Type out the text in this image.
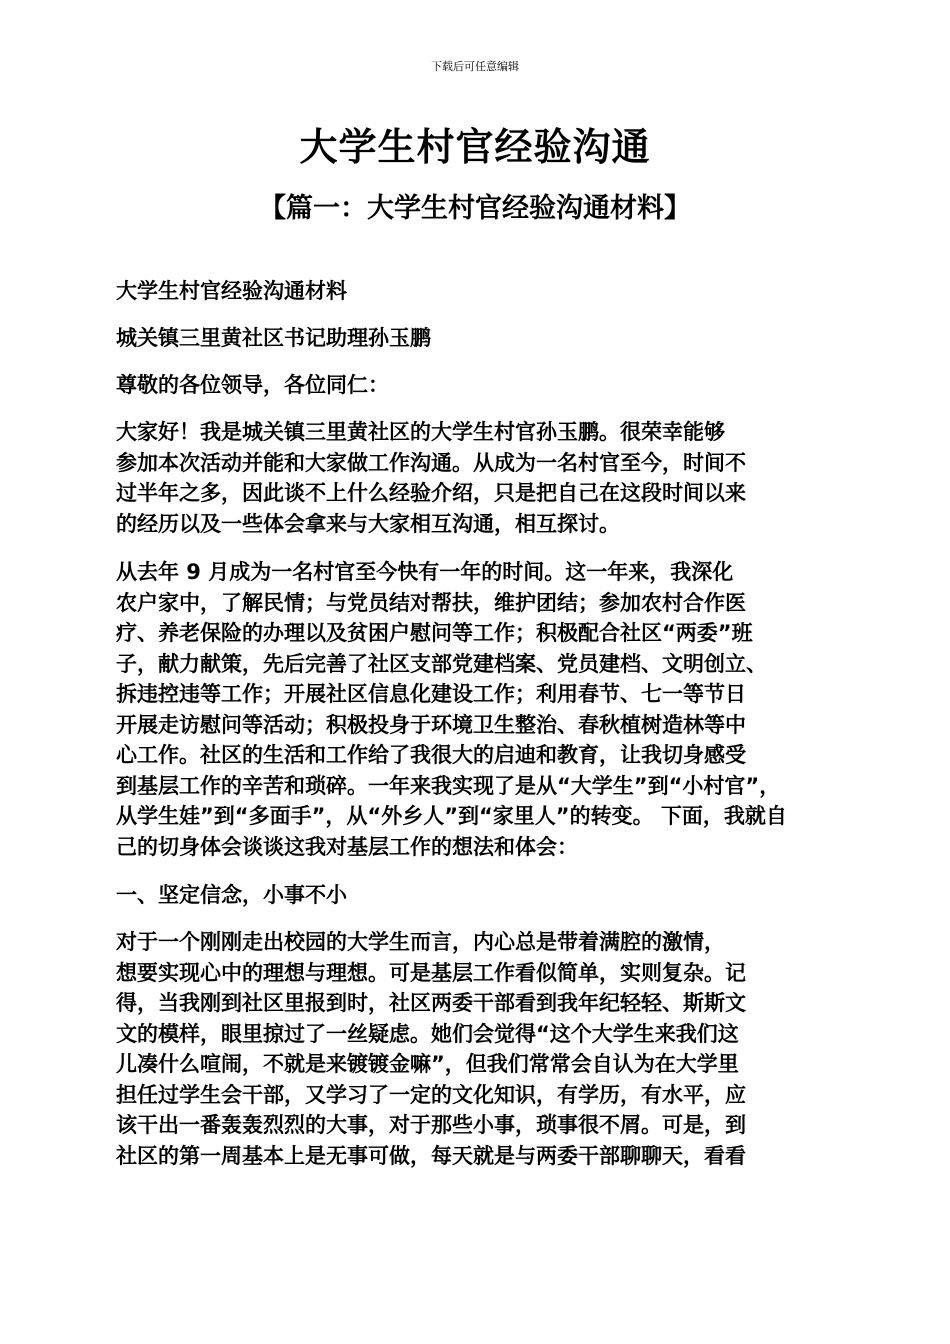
下载后可任意编辑
大学生村官经验沟通
【篇一：大学生村官经验沟通材料】
大学生村官经验沟通材料
城关镇三里黄社区书记助理孙玉鹏
尊敬的各位领导，各位同仁：
大家好！我是城关镇三里黄社区的大学生村官孙玉鹏。很荣幸能够
参加本次活动并能和大家做工作沟通。从成为一名村官至今，时间不
过半年之多，因此谈不上什么经验介绍，只是把自己在这段时间以来
的经历以及一些体会拿来与大家相互沟通，相互探讨。
从去年 9 月成为一名村官至今快有一年的时间。这一年来，我深化
农户家中，了解民情；与党员结对帮扶，维护团结；参加农村合作医
疗、养老保险的办理以及贫困户慰问等工作；积极配合社区“两委”班
子，献力献策，先后完善了社区支部党建档案、党员建档、文明创立、
拆违控违等工作；开展社区信息化建设工作；利用春节、七一等节日
开展走访慰问等活动；积极投身于环境卫生整治、春秋植树造林等中
心工作。社区的生活和工作给了我很大的启迪和教育，让我切身感受
到基层工作的辛苦和琐碎。一年来我实现了是从“大学生”到“小村官”，
从学生娃”到“多面手”，从“外乡人”到“家里人”的转变。 下面，我就自
己的切身体会谈谈这我对基层工作的想法和体会：
一、坚定信念，小事不小
对于一个刚刚走出校园的大学生而言，内心总是带着满腔的激情，
想要实现心中的理想与理想。可是基层工作看似简单，实则复杂。记
得，当我刚到社区里报到时，社区两委干部看到我年纪轻轻、斯斯文
文的模样，眼里掠过了一丝疑虑。她们会觉得“这个大学生来我们这
儿凑什么喧闹，不就是来镀镀金嘛”，但我们常常会自认为在大学里
担任过学生会干部，又学习了一定的文化知识，有学历，有水平，应
该干出一番轰轰烈烈的大事，对于那些小事，琐事很不屑。可是，到
社区的第一周基本上是无事可做，每天就是与两委干部聊聊天，看看
